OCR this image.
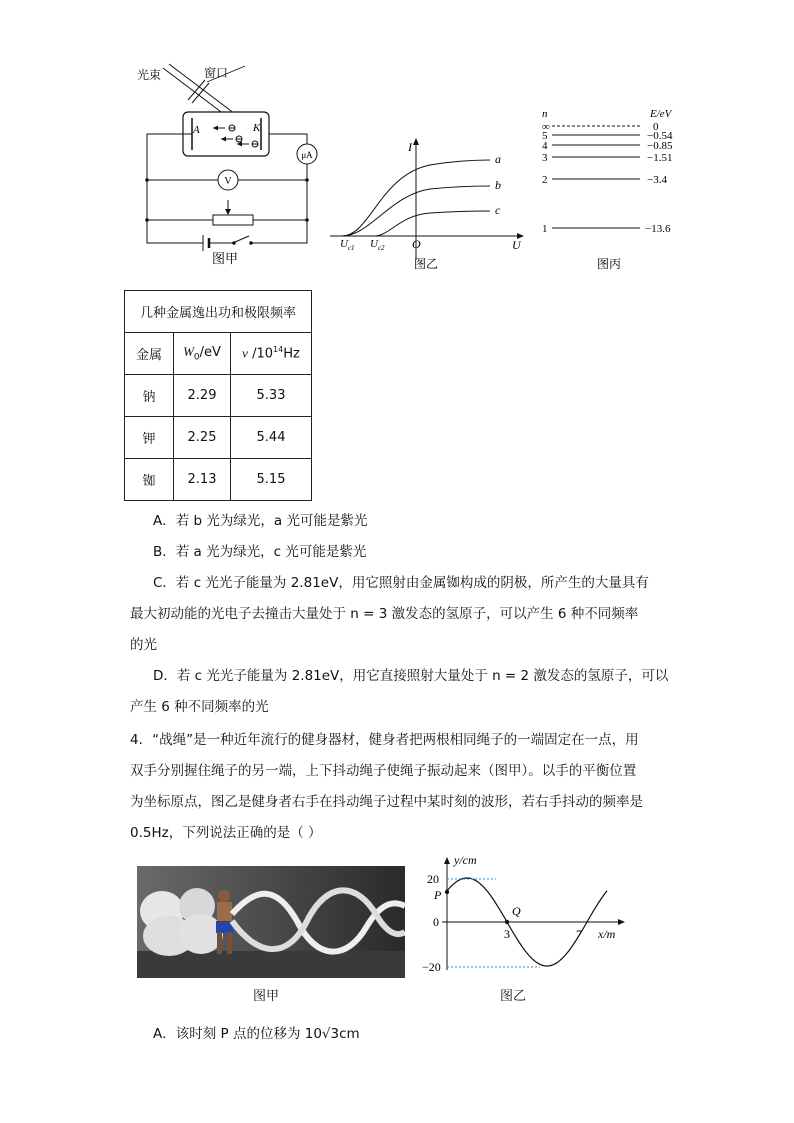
A	K
μA
V
图甲
光束	窗口
I
U
O
a
b
c
$U_{c1}$ $U_{c2}$
图乙
n	E/eV
∞
5
4
3
2
1
0
−0.54
−0.85
−1.51
−3.4
−13.6
图丙
几种金属逸出功和极限频率		
金属	$W_0/eV$	ν $/10^{14}Hz$
钠	2.29	5.33
钾	2.25	5.44
铷	2.13	5.15
A．若 b 光为绿光，a 光可能是紫光
B．若 a 光为绿光，c 光可能是紫光
C．若 c 光光子能量为 2.81eV，用它照射由金属铷构成的阴极，所产生的大量具有
最大初动能的光电子去撞击大量处于 n = 3 激发态的氢原子，可以产生 6 种不同频率
的光
D．若 c 光光子能量为 2.81eV，用它直接照射大量处于 n = 2 激发态的氢原子，可以
产生 6 种不同频率的光
4．“战绳”是一种近年流行的健身器材，健身者把两根相同绳子的一端固定在一点，用
双手分别握住绳子的另一端，上下抖动绳子使绳子振动起来（图甲）。以手的平衡位置
为坐标原点，图乙是健身者右手在抖动绳子过程中某时刻的波形，若右手抖动的频率是
0.5Hz，下列说法正确的是（ ）
图甲
y/cm
x/m
20
0
−20
3	7
P
Q
图乙
A．该时刻 P 点的位移为 10√3cm
